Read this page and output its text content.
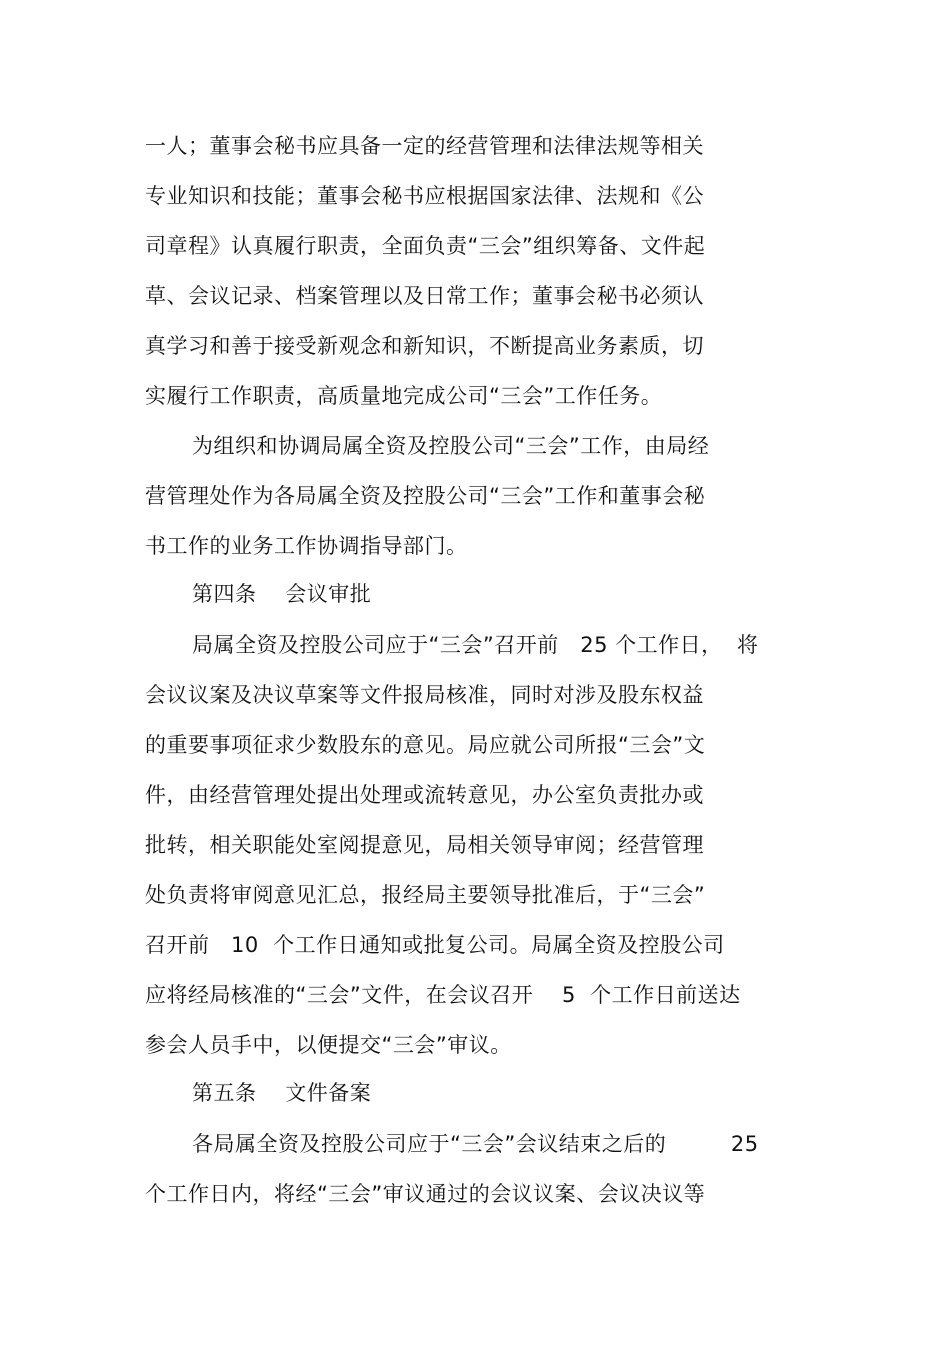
一人；董事会秘书应具备一定的经营管理和法律法规等相关
专业知识和技能；董事会秘书应根据国家法律、法规和《公
司章程》认真履行职责，全面负责“三会”组织筹备、文件起
草、会议记录、档案管理以及日常工作；董事会秘书必须认
真学习和善于接受新观念和新知识，不断提高业务素质，切
实履行工作职责，高质量地完成公司“三会”工作任务。
为组织和协调局属全资及控股公司“三会”工作，由局经
营管理处作为各局属全资及控股公司“三会”工作和董事会秘
书工作的业务工作协调指导部门。
第四条    会议审批
局属全资及控股公司应于“三会”召开前   25 个工作日，  将
会议议案及决议草案等文件报局核准，同时对涉及股东权益
的重要事项征求少数股东的意见。局应就公司所报“三会”文
件，由经营管理处提出处理或流转意见，办公室负责批办或
批转，相关职能处室阅提意见，局相关领导审阅；经营管理
处负责将审阅意见汇总，报经局主要领导批准后，于“三会”
召开前   10  个工作日通知或批复公司。局属全资及控股公司
应将经局核准的“三会”文件，在会议召开    5  个工作日前送达
参会人员手中，以便提交“三会”审议。
第五条    文件备案
各局属全资及控股公司应于“三会”会议结束之后的         25
个工作日内，将经“三会”审议通过的会议议案、会议决议等
